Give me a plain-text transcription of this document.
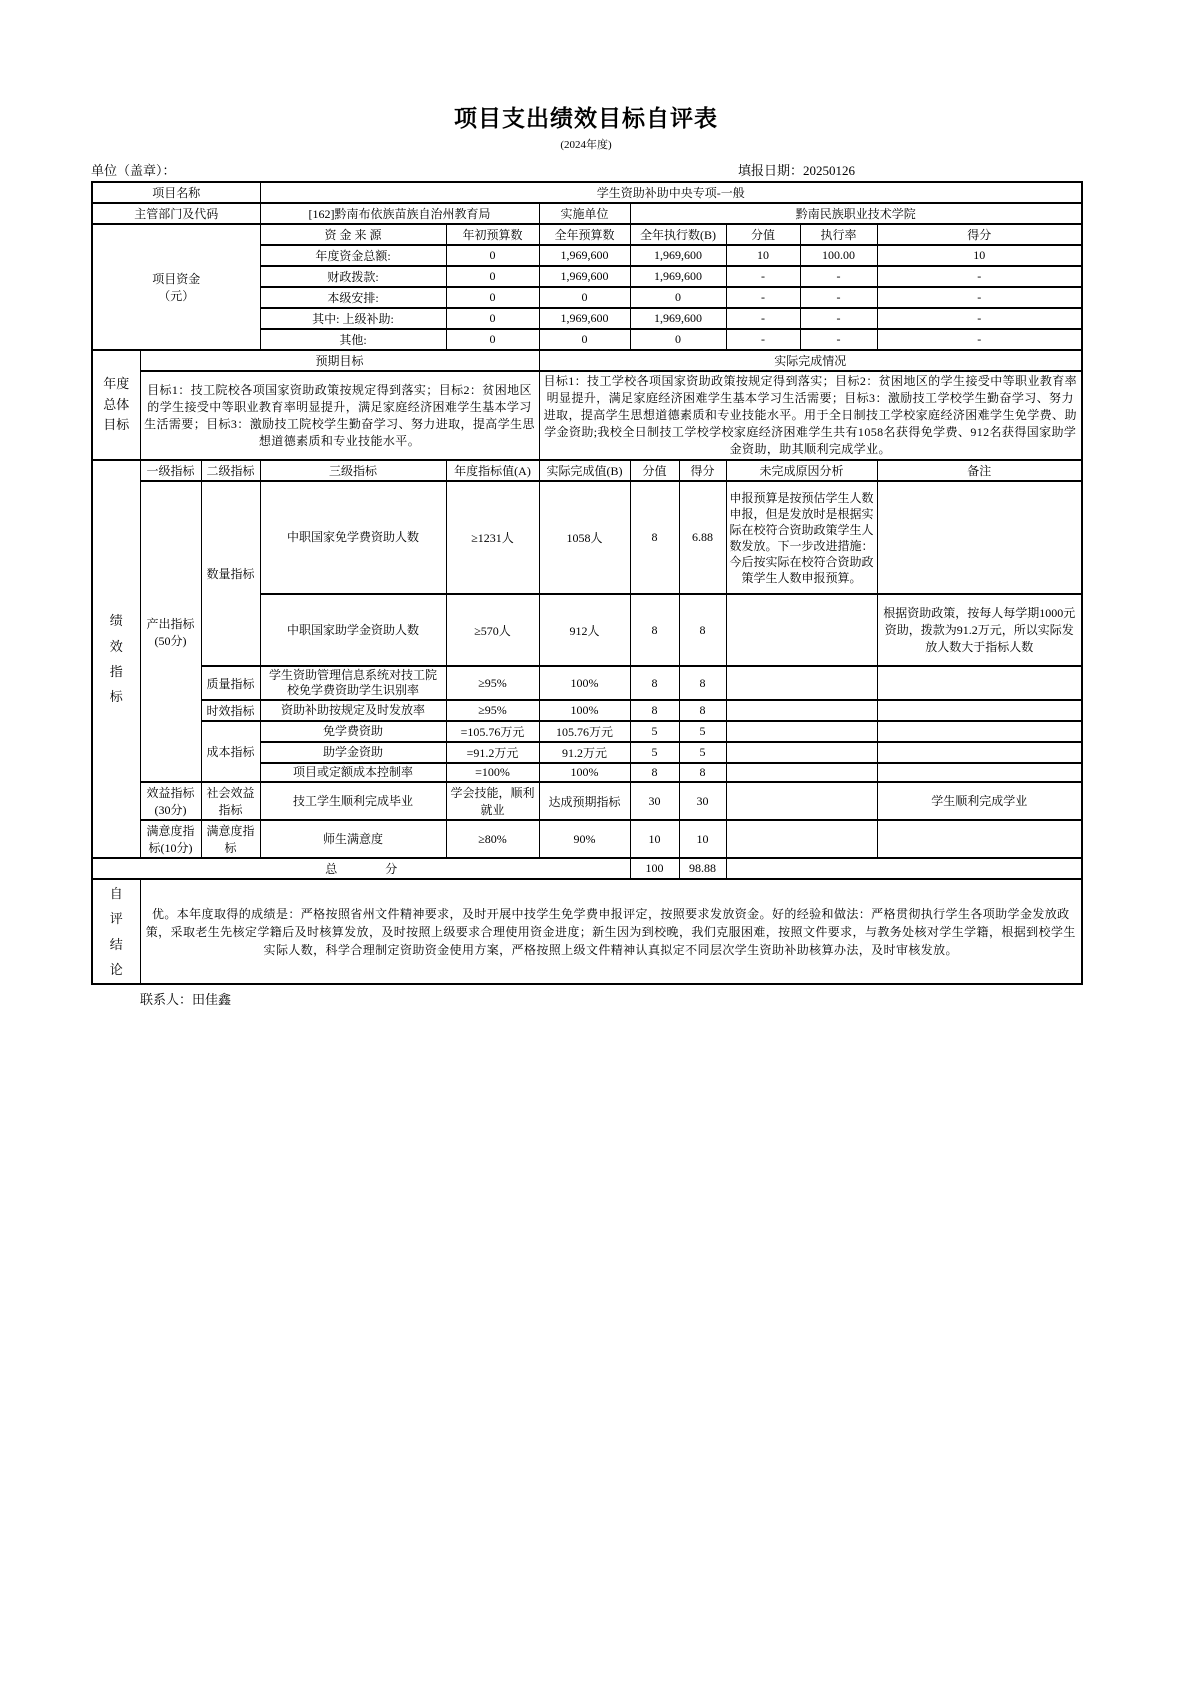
项目支出绩效目标自评表
(2024年度)
单位（盖章）：	填报日期：20250126
项目名称			学生资助补助中央专项-一般							
主管部门及代码			[162]黔南布依族苗族自治州教育局		实施单位	黔南民族职业技术学院				
项目资金
（元）			资 金 来 源	年初预算数	全年预算数	全年执行数(B)		分值	执行率	得分
			年度资金总额:	0	1,969,600	1,969,600		10	100.00	10
			财政拨款:	0	1,969,600	1,969,600		-	-	-
			本级安排:	0	0	0		-	-	-
			其中: 上级补助:	0	1,969,600	1,969,600		-	-	-
			其他:	0	0	0		-	-	-

年度总体目标	预期目标				实际完成情况					
	目标1：技工院校各项国家资助政策按规定得到落实；目标2：贫困地区的学生接受中等职业教育率明显提升，满足家庭经济困难学生基本学习生活需要；目标3：激励技工院校学生勤奋学习、努力进取，提高学生思想道德素质和专业技能水平。				目标1：技工学校各项国家资助政策按规定得到落实；目标2：贫困地区的学生接受中等职业教育率明显提升，满足家庭经济困难学生基本学习生活需要；目标3：激励技工学校学生勤奋学习、努力进取，提高学生思想道德素质和专业技能水平。用于全日制技工学校家庭经济困难学生免学费、助学金资助;我校全日制技工学校学校家庭经济困难学生共有1058名获得免学费、912名获得国家助学金资助，助其顺利完成学业。					

绩效指标	一级指标	二级指标	三级指标	年度指标值(A)	实际完成值(B)	分值	得分	未完成原因分析		备注
	产出指标(50分)	数量指标	中职国家免学费资助人数	≥1231人	1058人	8	6.88	申报预算是按预估学生人数申报，但是发放时是根据实际在校符合资助政策学生人数发放。下一步改进措施：今后按实际在校符合资助政策学生人数申报预算。		
			中职国家助学金资助人数	≥570人	912人	8	8			根据资助政策，按每人每学期1000元资助，拨款为91.2万元，所以实际发放人数大于指标人数
		质量指标	学生资助管理信息系统对技工院校免学费资助学生识别率	≥95%	100%	8	8			
		时效指标	资助补助按规定及时发放率	≥95%	100%	8	8			
		成本指标	免学费资助	=105.76万元	105.76万元	5	5			
			助学金资助	=91.2万元	91.2万元	5	5			
			项目或定额成本控制率	=100%	100%	8	8			
	效益指标(30分)	社会效益指标	技工学生顺利完成毕业	学会技能，顺利就业	达成预期指标	30	30			学生顺利完成学业
	满意度指标(10分)	满意度指标	师生满意度	≥80%	90%	10	10			
总　　　　分						100	98.88			

自评结论	优。本年度取得的成绩是：严格按照省州文件精神要求，及时开展中技学生免学费申报评定，按照要求发放资金。好的经验和做法：严格贯彻执行学生各项助学金发放政策，采取老生先核定学籍后及时核算发放，及时按照上级要求合理使用资金进度；新生因为到校晚，我们克服困难，按照文件要求，与教务处核对学生学籍，根据到校学生实际人数，科学合理制定资助资金使用方案，严格按照上级文件精神认真拟定不同层次学生资助补助核算办法，及时审核发放。									
联系人：田佳鑫
